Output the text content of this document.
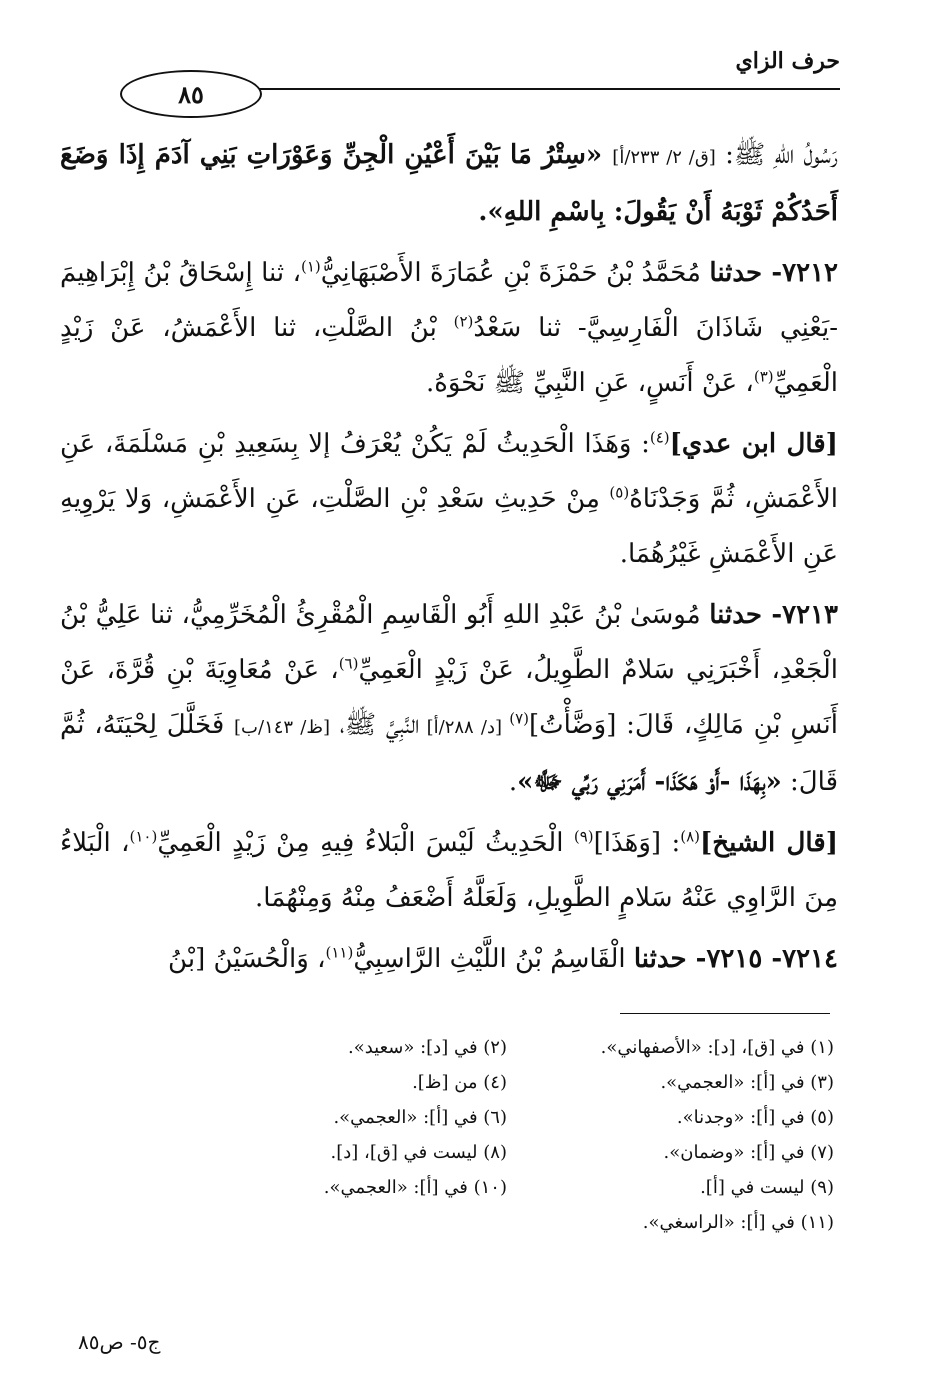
حرف الزاي
٨٥

رَسُولُ اللهِ ﷺ: [ق/ ٢/ ٢٣٣/أ] «سِتْرُ مَا بَيْنَ أَعْيُنِ الْجِنِّ وَعَوْرَاتِ بَنِي آدَمَ إِذَا وَضَعَ أَحَدُكُمْ ثَوْبَهُ أَنْ يَقُولَ: بِاسْمِ اللهِ».

٧٢١٢- حدثنا مُحَمَّدُ بْنُ حَمْزَةَ بْنِ عُمَارَةَ الأَصْبَهَانِيُّ$^{(١)}$، ثنا إِسْحَاقُ بْنُ إِبْرَاهِيمَ -يَعْنِي شَاذَانَ الْفَارِسِيَّ- ثنا سَعْدُ$^{(٢)}$ بْنُ الصَّلْتِ، ثنا الأَعْمَشُ، عَنْ زَيْدٍ الْعَمِيِّ$^{(٣)}$، عَنْ أَنَسٍ، عَنِ النَّبِيِّ ﷺ نَحْوَهُ.

[قال ابن عدي]$^{(٤)}$: وَهَذَا الْحَدِيثُ لَمْ يَكُنْ يُعْرَفُ إلا بِسَعِيدِ بْنِ مَسْلَمَةَ، عَنِ الأَعْمَشِ، ثُمَّ وَجَدْنَاهُ$^{(٥)}$ مِنْ حَدِيثِ سَعْدِ بْنِ الصَّلْتِ، عَنِ الأَعْمَشِ، وَلا يَرْوِيهِ عَنِ الأَعْمَشِ غَيْرُهُمَا.

٧٢١٣- حدثنا مُوسَىٰ بْنُ عَبْدِ اللهِ أَبُو الْقَاسِمِ الْمُقْرِئُ الْمُخَرِّمِيُّ، ثنا عَلِيُّ بْنُ الْجَعْدِ، أَخْبَرَنِي سَلامٌ الطَّوِيلُ، عَنْ زَيْدٍ الْعَمِيِّ$^{(٦)}$، عَنْ مُعَاوِيَةَ بْنِ قُرَّةَ، عَنْ أَنَسِ بْنِ مَالِكٍ، قَالَ: [وَضَّأْتُ]$^{(٧)}$ [د/ ٢٨٨/أ] النَّبِيَّ ﷺ، [ظ/ ١٤٣/ب] فَخَلَّلَ لِحْيَتَهُ، ثُمَّ قَالَ: «بِهَذَا -أَوْ هَكَذَا- أَمَرَنِي رَبِّي ﷻ».

[قال الشيخ]$^{(٨)}$: [وَهَذَا]$^{(٩)}$ الْحَدِيثُ لَيْسَ الْبَلاءُ فِيهِ مِنْ زَيْدٍ الْعَمِيِّ$^{(١٠)}$، الْبَلاءُ مِنَ الرَّاوِي عَنْهُ سَلامٍ الطَّوِيلِ، وَلَعَلَّهُ أَضْعَفُ مِنْهُ وَمِنْهُمَا.

٧٢١٤- ٧٢١٥- حدثنا الْقَاسِمُ بْنُ اللَّيْثِ الرَّاسِبِيُّ$^{(١١)}$، وَالْحُسَيْنُ [بْنُ

(١) في [ق]، [د]: «الأصفهاني».
(٢) في [د]: «سعيد».
(٣) في [أ]: «العجمي».
(٤) من [ظ].
(٥) في [أ]: «وجدنا».
(٦) في [أ]: «العجمي».
(٧) في [أ]: «وضمان».
(٨) ليست في [ق]، [د].
(٩) ليست في [أ].
(١٠) في [أ]: «العجمي».
(١١) في [أ]: «الراسغي».
ج٥- ص٨٥
